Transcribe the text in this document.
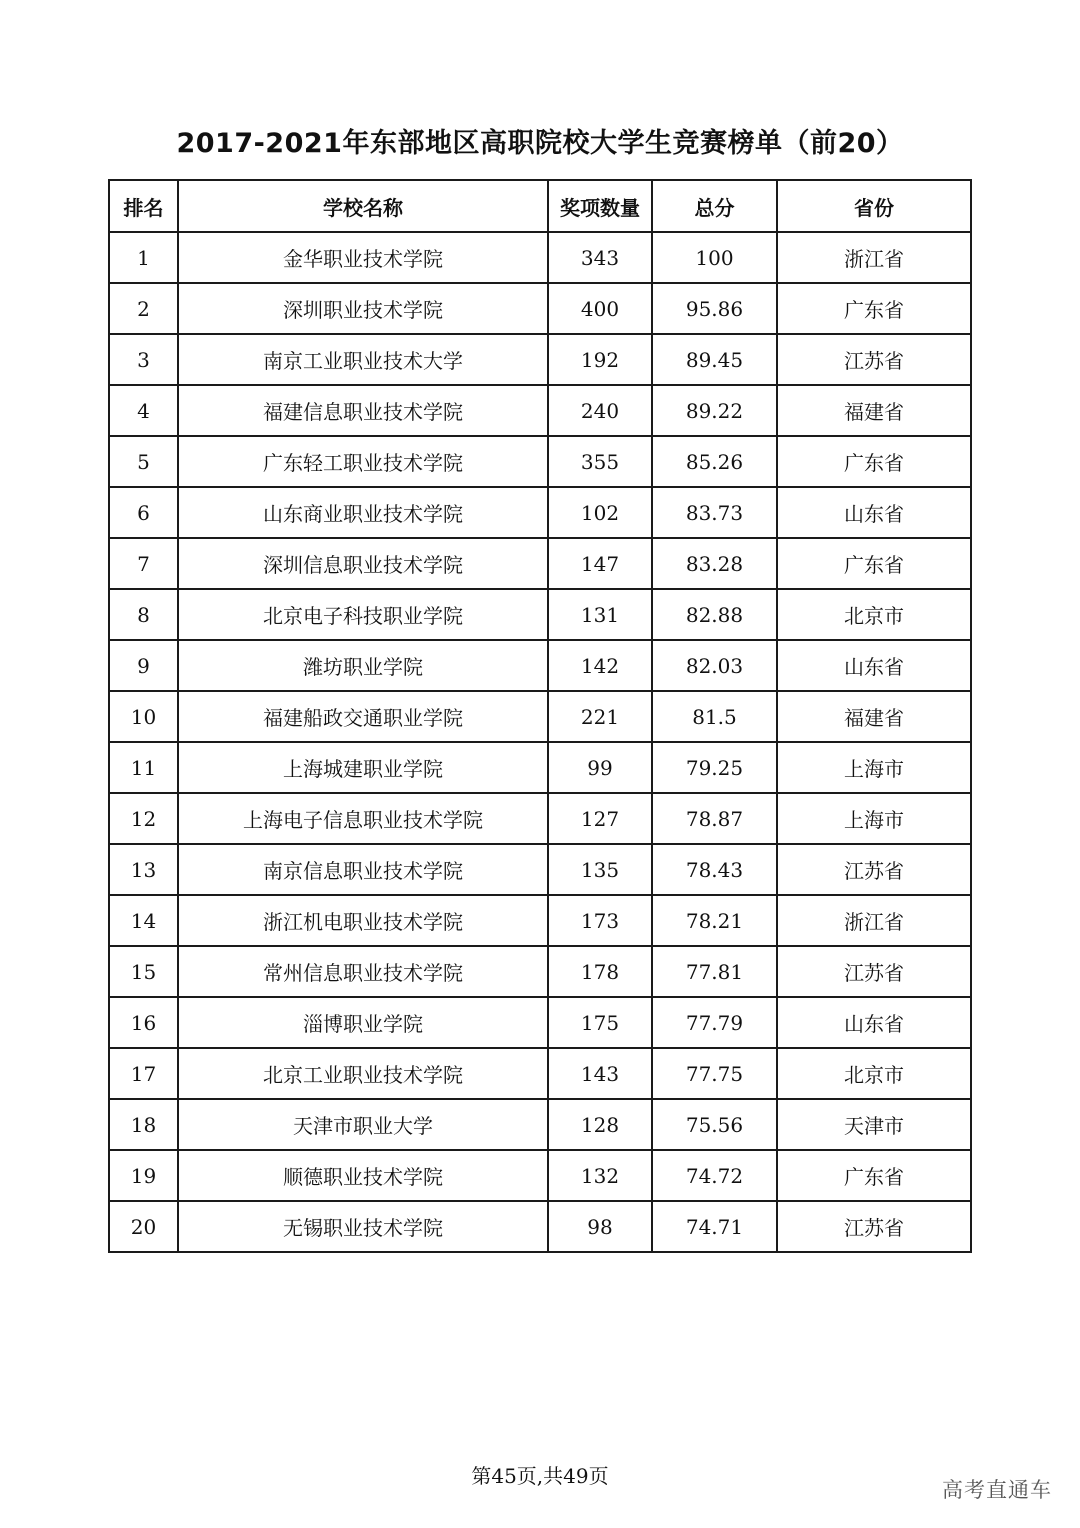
2017-2021年东部地区高职院校大学生竞赛榜单（前20）
排名	学校名称	奖项数量	总分	省份
1	金华职业技术学院	343	100	浙江省
2	深圳职业技术学院	400	95.86	广东省
3	南京工业职业技术大学	192	89.45	江苏省
4	福建信息职业技术学院	240	89.22	福建省
5	广东轻工职业技术学院	355	85.26	广东省
6	山东商业职业技术学院	102	83.73	山东省
7	深圳信息职业技术学院	147	83.28	广东省
8	北京电子科技职业学院	131	82.88	北京市
9	潍坊职业学院	142	82.03	山东省
10	福建船政交通职业学院	221	81.5	福建省
11	上海城建职业学院	99	79.25	上海市
12	上海电子信息职业技术学院	127	78.87	上海市
13	南京信息职业技术学院	135	78.43	江苏省
14	浙江机电职业技术学院	173	78.21	浙江省
15	常州信息职业技术学院	178	77.81	江苏省
16	淄博职业学院	175	77.79	山东省
17	北京工业职业技术学院	143	77.75	北京市
18	天津市职业大学	128	75.56	天津市
19	顺德职业技术学院	132	74.72	广东省
20	无锡职业技术学院	98	74.71	江苏省
第45页,共49页
高考直通车
